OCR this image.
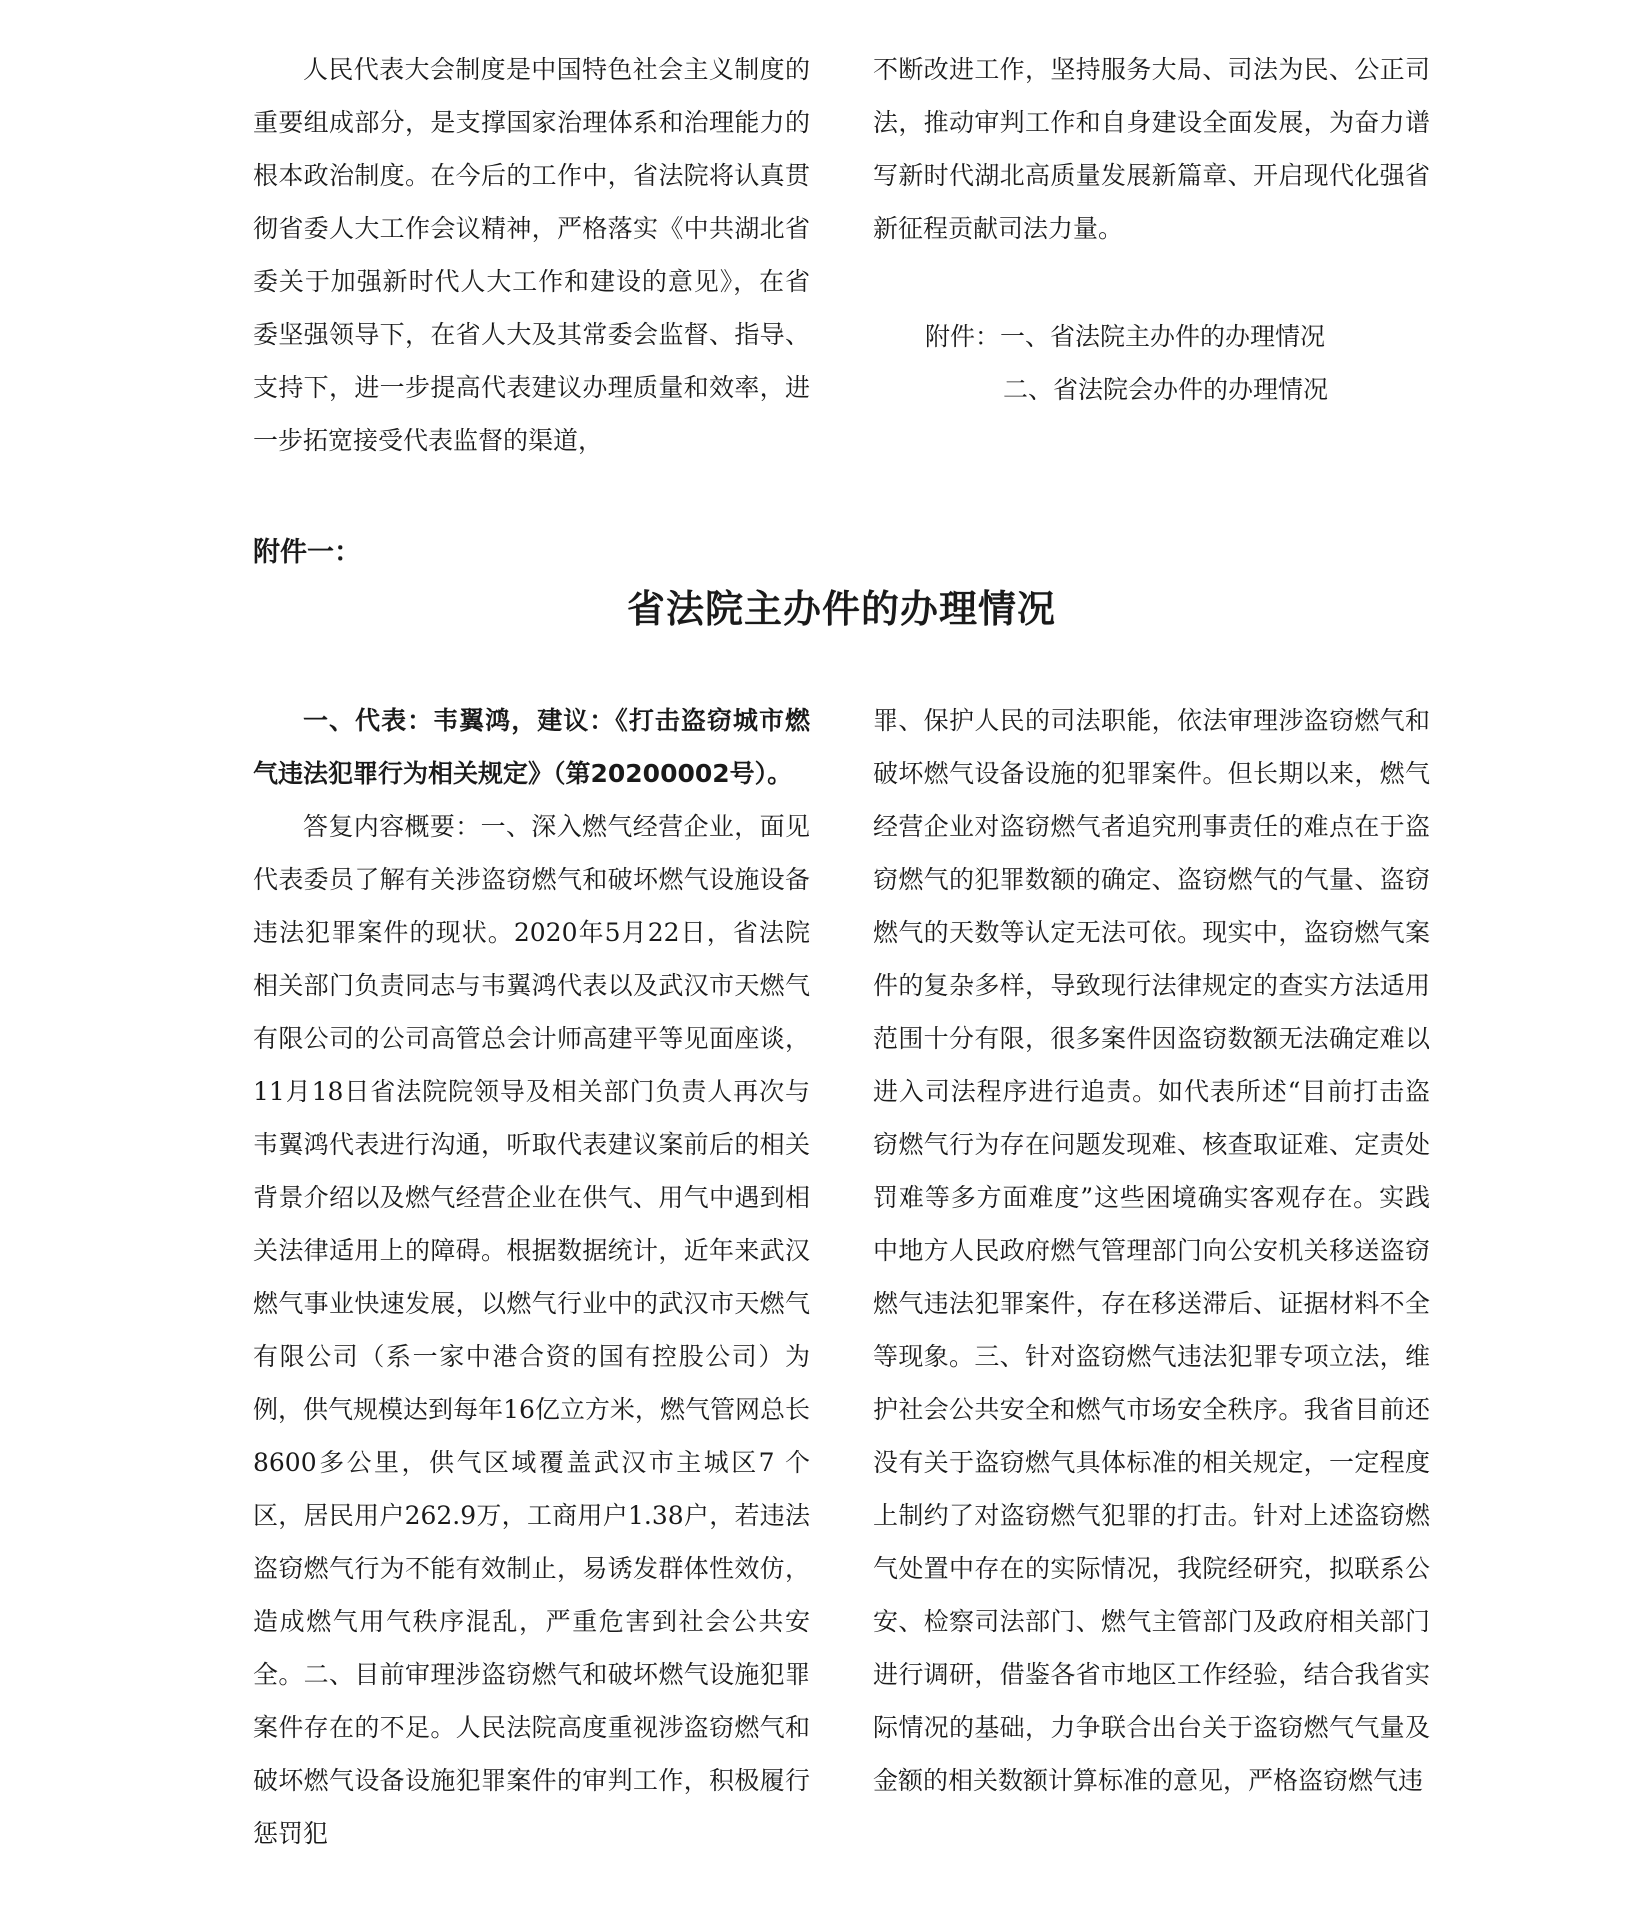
人民代表大会制度是中国特色社会主义制度的重要组成部分，是支撑国家治理体系和治理能力的根本政治制度。在今后的工作中，省法院将认真贯彻省委人大工作会议精神，严格落实《中共湖北省委关于加强新时代人大工作和建设的意见》，在省委坚强领导下，在省人大及其常委会监督、指导、支持下，进一步提高代表建议办理质量和效率，进一步拓宽接受代表监督的渠道，

不断改进工作，坚持服务大局、司法为民、公正司法，推动审判工作和自身建设全面发展，为奋力谱写新时代湖北高质量发展新篇章、开启现代化强省新征程贡献司法力量。

附件：一、省法院主办件的办理情况
二、省法院会办件的办理情况
附件一：
省法院主办件的办理情况

一、代表：韦翼鸿，建议：《打击盗窃城市燃气违法犯罪行为相关规定》（第20200002号）。

答复内容概要：一、深入燃气经营企业，面见代表委员了解有关涉盗窃燃气和破坏燃气设施设备违法犯罪案件的现状。2020年5月22日，省法院相关部门负责同志与韦翼鸿代表以及武汉市天燃气有限公司的公司高管总会计师高建平等见面座谈，11月18日省法院院领导及相关部门负责人再次与韦翼鸿代表进行沟通，听取代表建议案前后的相关背景介绍以及燃气经营企业在供气、用气中遇到相关法律适用上的障碍。根据数据统计，近年来武汉燃气事业快速发展，以燃气行业中的武汉市天燃气有限公司（系一家中港合资的国有控股公司）为例，供气规模达到每年16亿立方米，燃气管网总长8600多公里，供气区域覆盖武汉市主城区7 个区，居民用户262.9万，工商用户1.38户，若违法盗窃燃气行为不能有效制止，易诱发群体性效仿，造成燃气用气秩序混乱，严重危害到社会公共安全。二、目前审理涉盗窃燃气和破坏燃气设施犯罪案件存在的不足。人民法院高度重视涉盗窃燃气和破坏燃气设备设施犯罪案件的审判工作，积极履行惩罚犯

罪、保护人民的司法职能，依法审理涉盗窃燃气和破坏燃气设备设施的犯罪案件。但长期以来，燃气经营企业对盗窃燃气者追究刑事责任的难点在于盗窃燃气的犯罪数额的确定、盗窃燃气的气量、盗窃燃气的天数等认定无法可依。现实中，盗窃燃气案件的复杂多样，导致现行法律规定的查实方法适用范围十分有限，很多案件因盗窃数额无法确定难以进入司法程序进行追责。如代表所述“目前打击盗窃燃气行为存在问题发现难、核查取证难、定责处罚难等多方面难度”这些困境确实客观存在。实践中地方人民政府燃气管理部门向公安机关移送盗窃燃气违法犯罪案件，存在移送滞后、证据材料不全等现象。三、针对盗窃燃气违法犯罪专项立法，维护社会公共安全和燃气市场安全秩序。我省目前还没有关于盗窃燃气具体标准的相关规定，一定程度上制约了对盗窃燃气犯罪的打击。针对上述盗窃燃气处置中存在的实际情况，我院经研究，拟联系公安、检察司法部门、燃气主管部门及政府相关部门进行调研，借鉴各省市地区工作经验，结合我省实际情况的基础，力争联合出台关于盗窃燃气气量及金额的相关数额计算标准的意见，严格盗窃燃气违
